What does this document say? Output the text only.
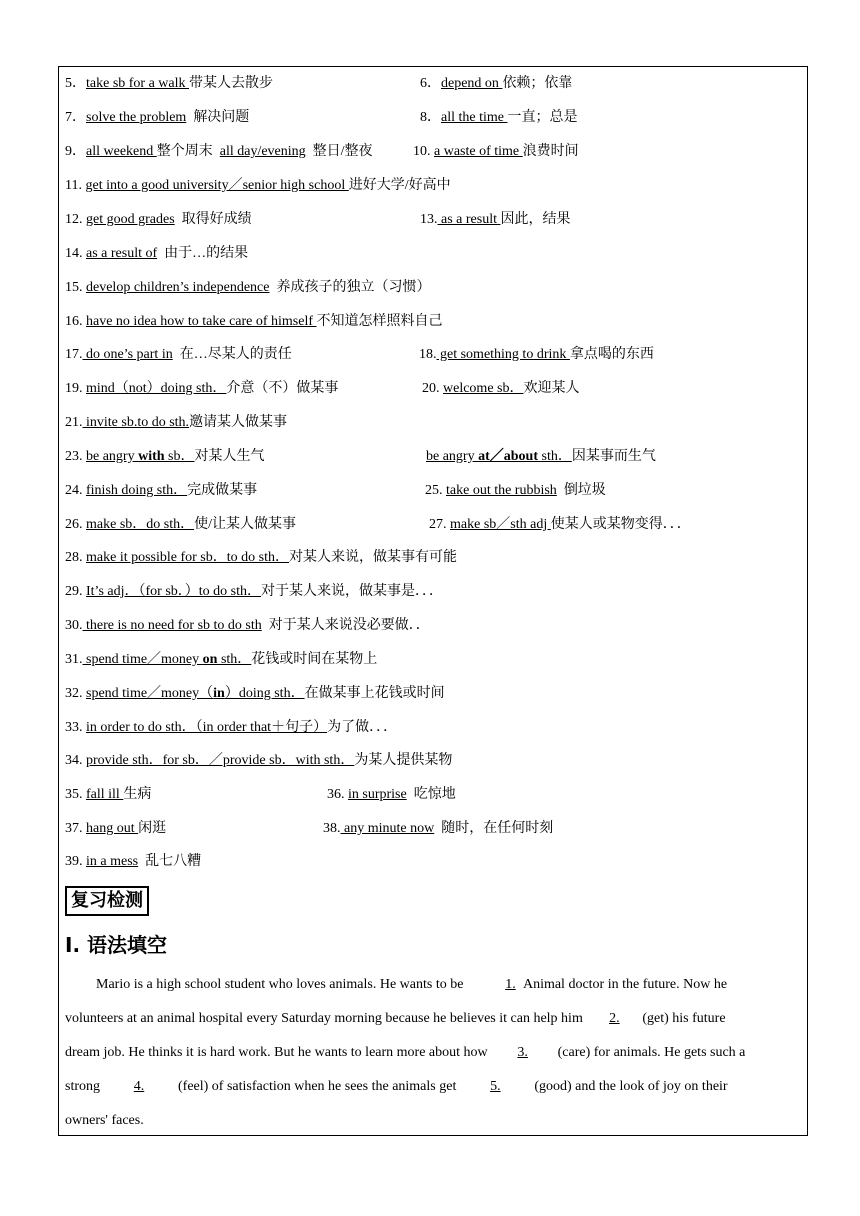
5．take sb for a walk 带某人去散步	6．depend on 依赖；依靠
7．solve the problem  解决问题	8．all the time 一直；总是
9．all weekend 整个周末  all day/evening  整日/整夜 10. a waste of time 浪费时间
11. get into a good university／senior high school 进好大学/好高中
12. get good grades  取得好成绩	13. as a result 因此，结果
14. as a result of  由于…的结果
15. develop children’s independence  养成孩子的独立（习惯）
16. have no idea how to take care of himself 不知道怎样照料自己
17. do one’s part in  在…尽某人的责任	18. get something to drink 拿点喝的东西
19. mind（not）doing sth．介意（不）做某事	20. welcome sb．欢迎某人
21. invite sb.to do sth.邀请某人做某事
23. be angry with sb．对某人生气	be angry at／about sth．因某事而生气
24. finish doing sth．完成做某事	25. take out the rubbish  倒垃圾
26. make sb．do sth．使/让某人做某事	27. make sb／sth adj 使某人或某物变得．．．
28. make it possible for sb．to do sth．对某人来说，做某事有可能
29. It’s adj．（for sb．）to do sth．对于某人来说，做某事是．．．
30. there is no need for sb to do sth  对于某人来说没必要做．．
31. spend time／money on sth．花钱或时间在某物上
32. spend time／money（in）doing sth．在做某事上花钱或时间
33. in order to do sth．（in order that＋句子）为了做．．．
34. provide sth．for sb．／provide sb．with sth．为某人提供某物
35. fall ill 生病	36. in surprise  吃惊地
37. hang out 闲逛	38. any minute now  随时，在任何时刻
39. in a mess  乱七八糟
复习检测
Ⅰ. 语法填空
Mario is a high school student who loves animals. He wants to be	1. Animal doctor in the future. Now he
volunteers at an animal hospital every Saturday morning because he believes it can help him 2. (get) his future
dream job. He thinks it is hard work. But he wants to learn more about how 3. (care) for animals. He gets such a
strong 4. (feel) of satisfaction when he sees the animals get 5. (good) and the look of joy on their
owners' faces.
